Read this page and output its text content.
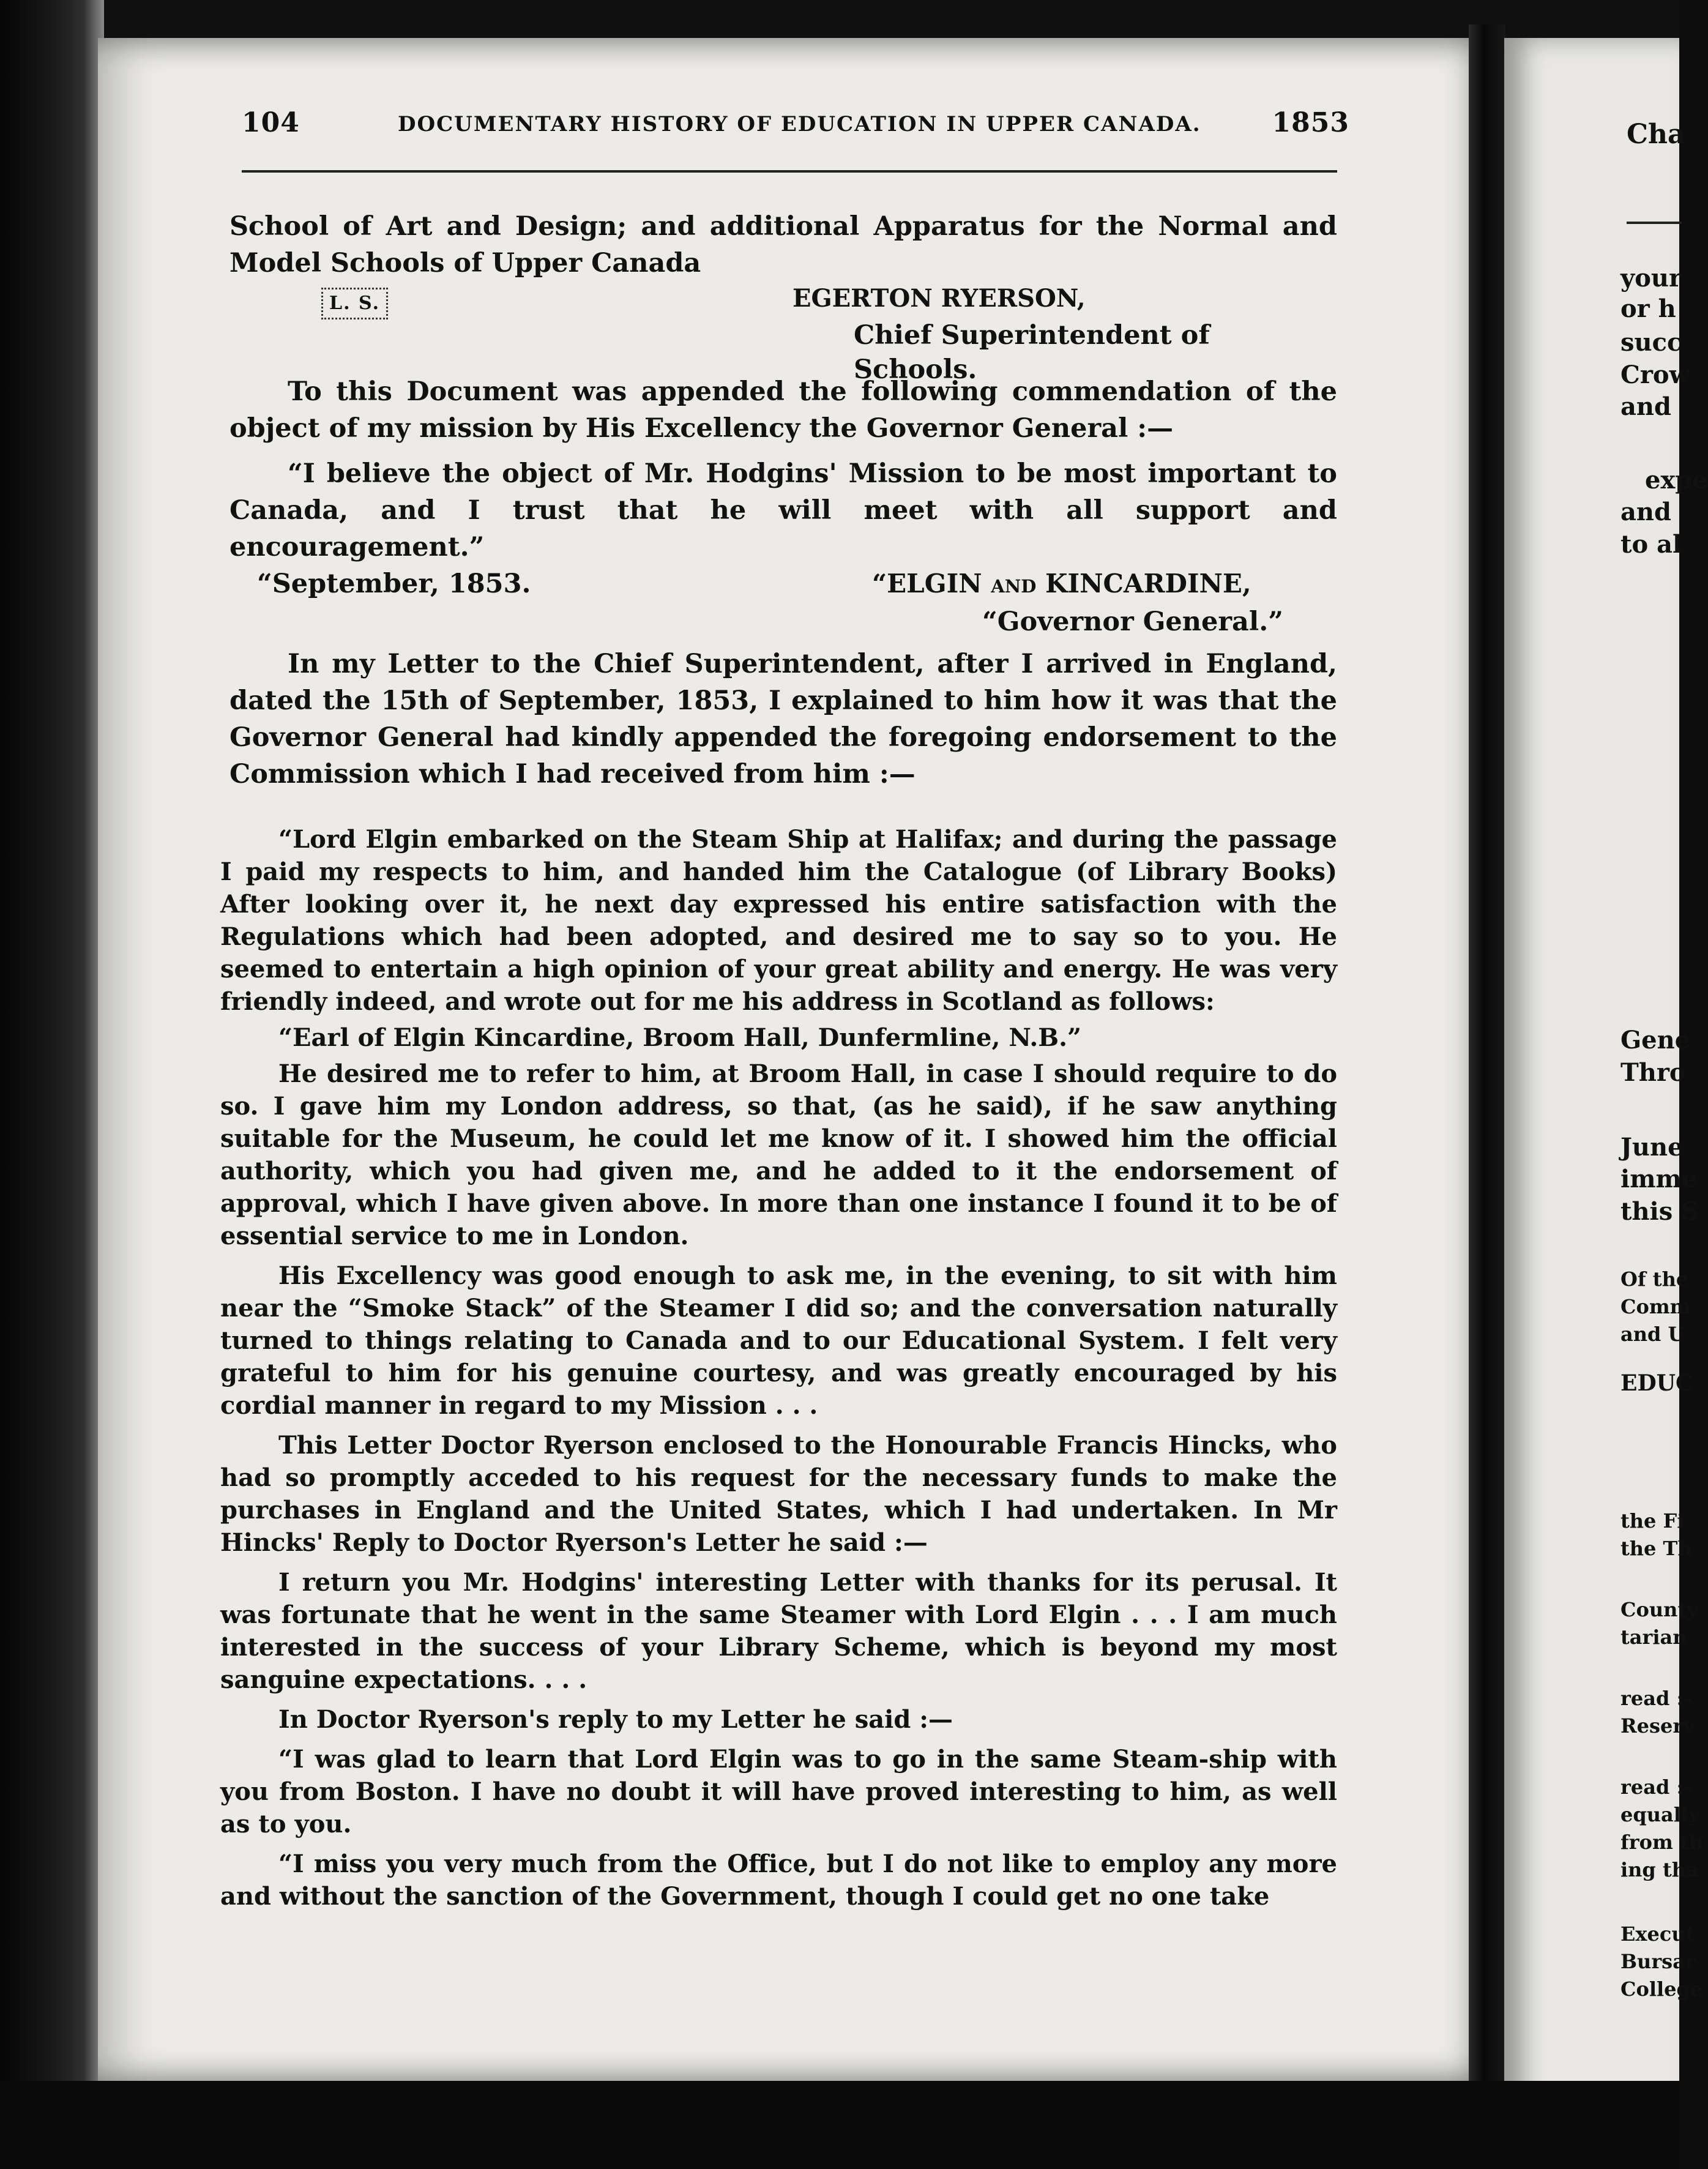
104	DOCUMENTARY HISTORY OF EDUCATION IN UPPER CANADA.	1853

School of Art and Design; and additional Apparatus for the Normal and Model Schools of Upper Canada

L. S.	EGERTON RYERSON,
Chief Superintendent of Schools.

To this Document was appended the following commendation of the object of my mission by His Excellency the Governor General :—

“I believe the object of Mr. Hodgins' Mission to be most important to Canada, and I trust that he will meet with all support and encouragement.”

“September, 1853.	“ELGIN and KINCARDINE,
“Governor General.”

In my Letter to the Chief Superintendent, after I arrived in England, dated the 15th of September, 1853, I explained to him how it was that the Governor General had kindly appended the foregoing endorsement to the Commission which I had received from him :—

“Lord Elgin embarked on the Steam Ship at Halifax; and during the passage I paid my respects to him, and handed him the Catalogue (of Library Books) After looking over it, he next day expressed his entire satisfaction with the Regulations which had been adopted, and desired me to say so to you. He seemed to entertain a high opinion of your great ability and energy. He was very friendly indeed, and wrote out for me his address in Scotland as follows:

“Earl of Elgin Kincardine, Broom Hall, Dunfermline, N.B.”

He desired me to refer to him, at Broom Hall, in case I should require to do so. I gave him my London address, so that, (as he said), if he saw anything suitable for the Museum, he could let me know of it. I showed him the official authority, which you had given me, and he added to it the endorsement of approval, which I have given above. In more than one instance I found it to be of essential service to me in London.

His Excellency was good enough to ask me, in the evening, to sit with him near the “Smoke Stack” of the Steamer I did so; and the conversation naturally turned to things relating to Canada and to our Educational System. I felt very grateful to him for his genuine courtesy, and was greatly encouraged by his cordial manner in regard to my Mission . . .

This Letter Doctor Ryerson enclosed to the Honourable Francis Hincks, who had so promptly acceded to his request for the necessary funds to make the purchases in England and the United States, which I had undertaken. In Mr Hincks' Reply to Doctor Ryerson's Letter he said :—

I return you Mr. Hodgins' interesting Letter with thanks for its perusal. It was fortunate that he went in the same Steamer with Lord Elgin . . . I am much interested in the success of your Library Scheme, which is beyond my most sanguine expectations. . . .

In Doctor Ryerson's reply to my Letter he said :—

“I was glad to learn that Lord Elgin was to go in the same Steam-ship with you from Boston. I have no doubt it will have proved interesting to him, as well as to you.

“I miss you very much from the Office, but I do not like to employ any more and without the sanction of the Government, though I could get no one take

Cha
your
or h
succ
Crow
and
expe
and
to al
Gene
Thro
June
imme
this S
Of the
Comm
and U
EDUC
the Fi
the Th
County
tarian
read :-
Reserv
read :-
equally
from th
ing tha
Execut
Bursar
College
